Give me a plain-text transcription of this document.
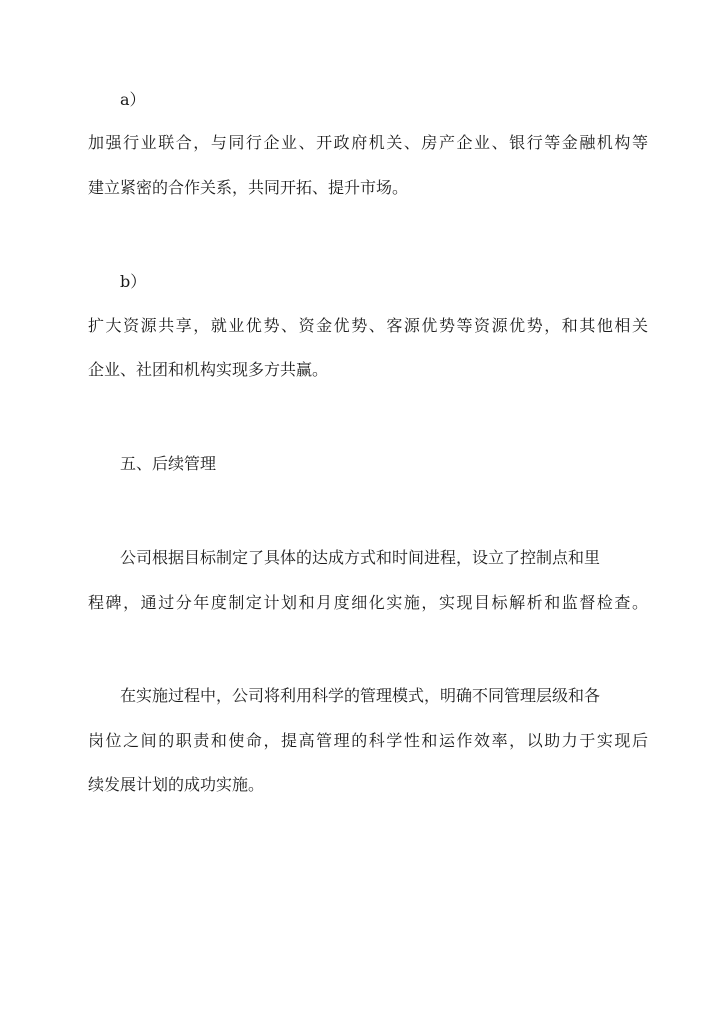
a）
加强行业联合，与同行企业、开政府机关、房产企业、银行等金融机构等
建立紧密的合作关系，共同开拓、提升市场。
b）
扩大资源共享，就业优势、资金优势、客源优势等资源优势，和其他相关
企业、社团和机构实现多方共赢。
五、后续管理
公司根据目标制定了具体的达成方式和时间进程，设立了控制点和里
程碑，通过分年度制定计划和月度细化实施，实现目标解析和监督检查。
在实施过程中，公司将利用科学的管理模式，明确不同管理层级和各
岗位之间的职责和使命，提高管理的科学性和运作效率，以助力于实现后
续发展计划的成功实施。
